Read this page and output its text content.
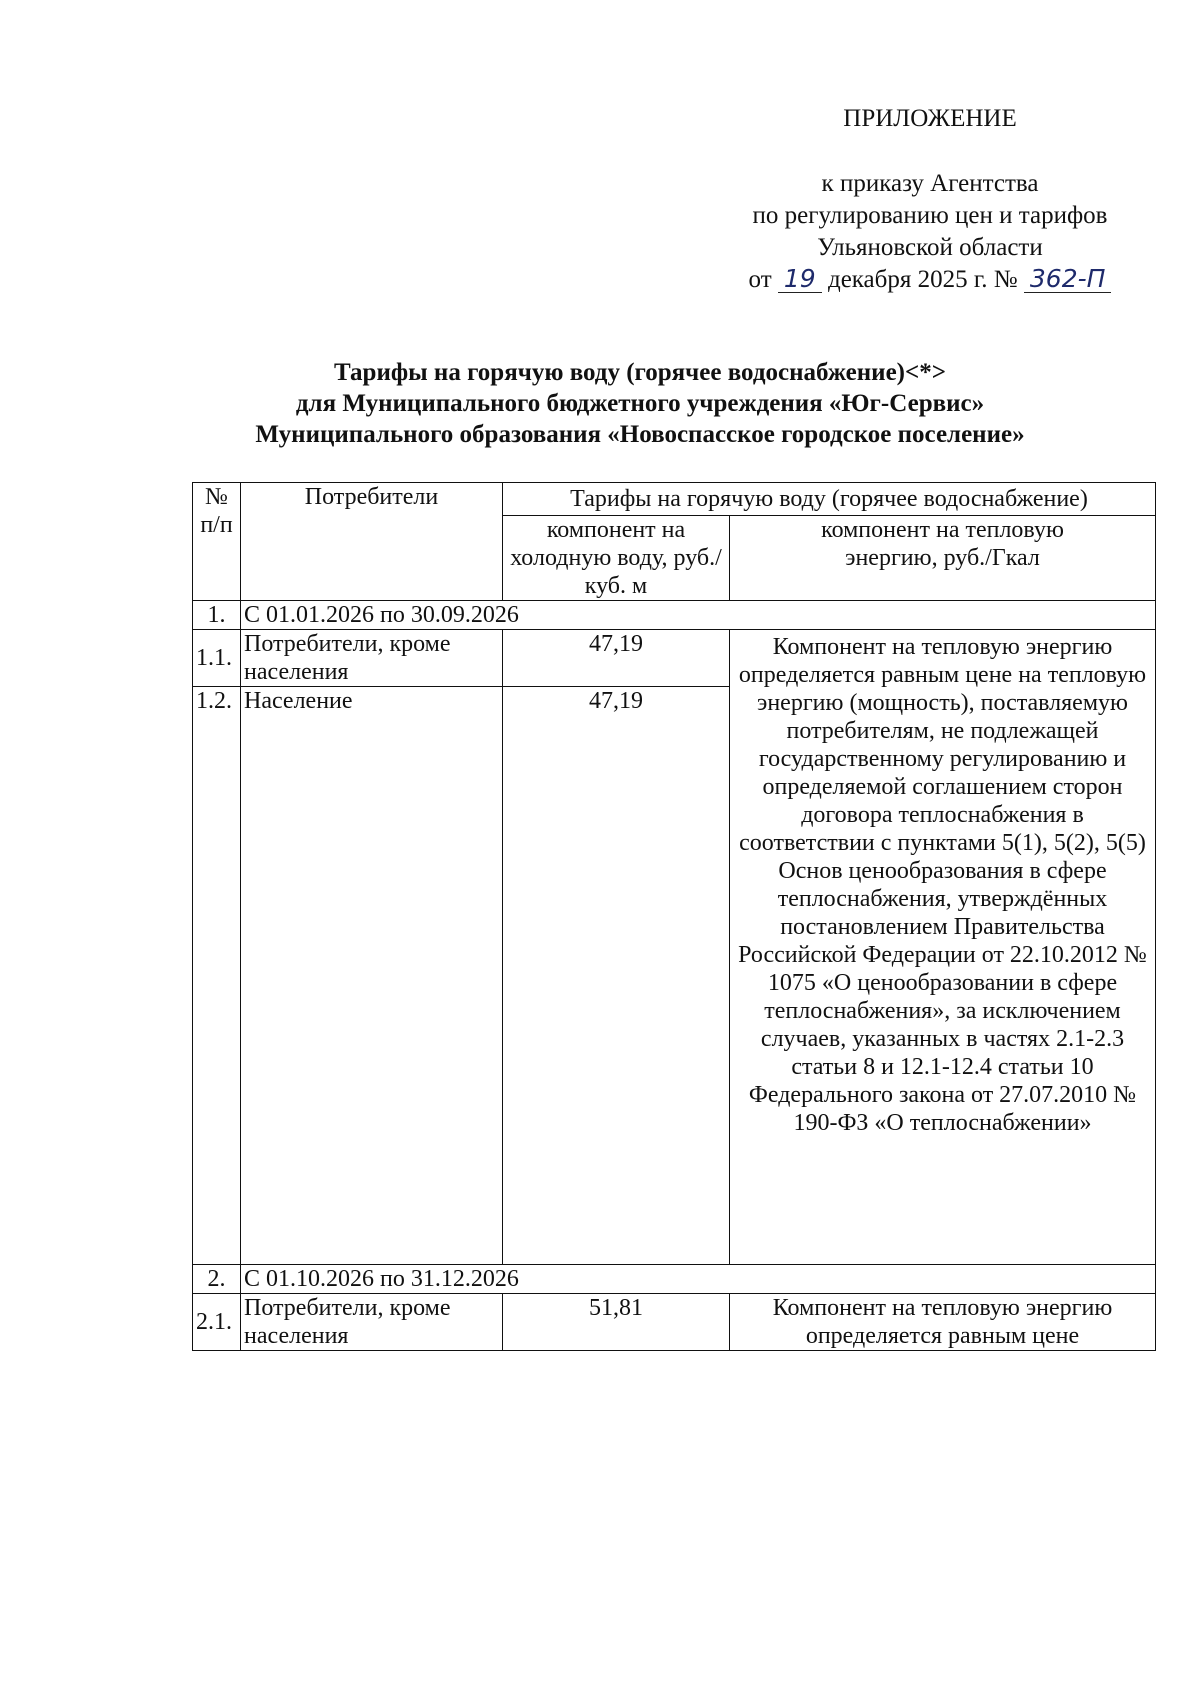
ПРИЛОЖЕНИЕ
к приказу Агентства
по регулированию цен и тарифов
Ульяновской области
от 19 декабря 2025 г. № 362-П
Тарифы на горячую воду (горячее водоснабжение)<*>
для Муниципального бюджетного учреждения «Юг-Сервис»
Муниципального образования «Новоспасское городское поселение»
№ п/п	Потребители	Тарифы на горячую воду (горячее водоснабжение)	
		компонент на холодную воду, руб./куб. м	компонент на тепловую энергию, руб./Гкал
1.	С 01.01.2026 по 30.09.2026		
1.1.	Потребители, кроме населения	47,19	Компонент на тепловую энергию определяется равным цене на тепловую энергию (мощность), поставляемую потребителям, не подлежащей государственному регулированию и определяемой соглашением сторон договора теплоснабжения в соответствии с пунктами 5(1), 5(2), 5(5) Основ ценообразования в сфере теплоснабжения, утверждённых постановлением Правительства Российской Федерации от 22.10.2012 № 1075 «О ценообразовании в сфере теплоснабжения», за исключением случаев, указанных в частях 2.1-2.3 статьи 8 и 12.1-12.4 статьи 10 Федерального закона от 27.07.2010 № 190-ФЗ «О теплоснабжении»
1.2.	Население	47,19	
2.	С 01.10.2026 по 31.12.2026		
2.1.	Потребители, кроме населения	51,81	Компонент на тепловую энергию определяется равным цене
